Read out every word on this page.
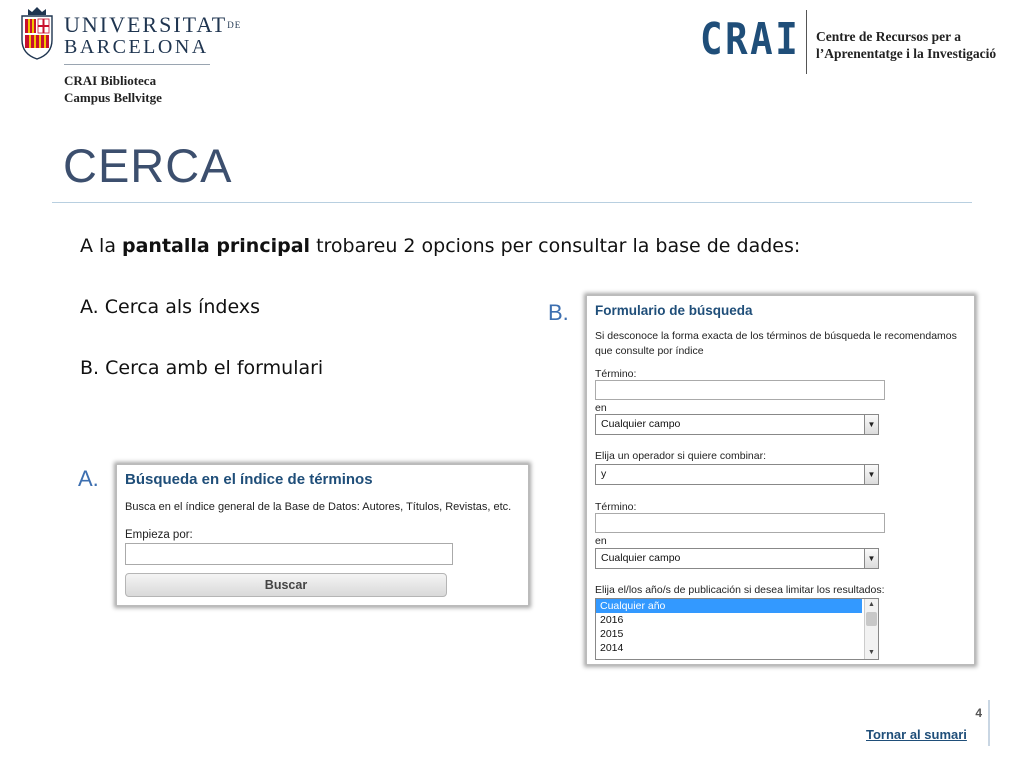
UNIVERSITATDE
BARCELONA
CRAI Biblioteca
Campus Bellvitge
CRAI Centre de Recursos per a
l’Aprenentatge i la Investigació
CERCA
A la pantalla principal trobareu 2 opcions per consultar la base de dades:
A. Cerca als índexs
B. Cerca amb el formulari
A.
B.
Búsqueda en el índice de términos
Busca en el índice general de la Base de Datos: Autores, Títulos, Revistas, etc.
Empieza por:
Buscar
Formulario de búsqueda
Si desconoce la forma exacta de los términos de búsqueda le recomendamos que consulte por índice
Término:
en
Cualquier campo	▼
Elija un operador si quiere combinar:
y	▼
Término:
en
Cualquier campo	▼
Elija el/los año/s de publicación si desea limitar los resultados:
Cualquier año
2016
2015
2014
▲
▼
4
Tornar al sumari
